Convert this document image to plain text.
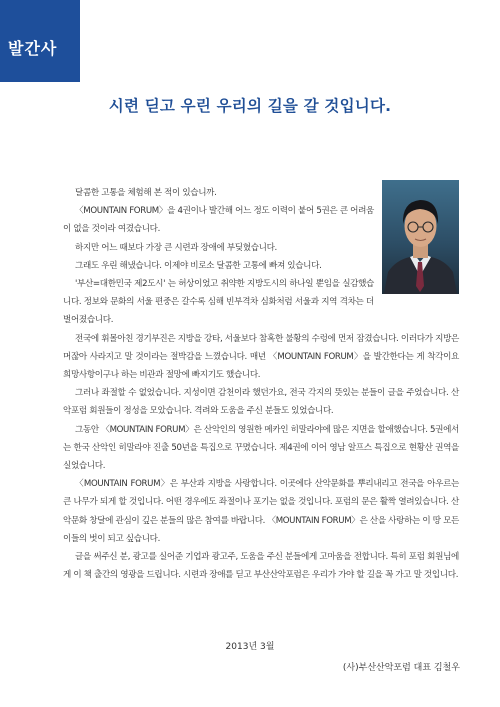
발간사
시련 딛고 우린 우리의 길을 갈 것입니다.

달콤한 고통을 체험해 본 적이 있습니까.

〈MOUNTAIN FORUM〉을 4권이나 발간해 어느 정도 이력이 붙어 5권은 큰 어려움이 없을 것이라 여겼습니다.

하지만 어느 때보다 가장 큰 시련과 장애에 부딪혔습니다.

그래도 우린 해냈습니다. 이제야 비로소 달콤한 고통에 빠져 있습니다.

'부산=대한민국 제2도시' 는 허상이었고 취약한 지방도시의 하나일 뿐임을 실감했습니다. 정보와 문화의 서울 편중은 갈수록 심해 빈부격차 심화처럼 서울과 지역 격차는 더 벌어졌습니다.

전국에 휘몰아친 경기부진은 지방을 강타, 서울보다 참혹한 불황의 수렁에 먼저 잠겼습니다. 이러다가 지방은 머잖아 사라지고 말 것이라는 절박감을 느꼈습니다. 매년 〈MOUNTAIN FORUM〉을 발간한다는 게 착각이요 희망사항이구나 하는 비관과 절망에 빠지기도 했습니다.

그러나 좌절할 수 없었습니다. 지성이면 감천이라 했던가요, 전국 각지의 뜻있는 분들이 글을 주었습니다. 산악포럼 회원들이 정성을 모았습니다. 격려와 도움을 주신 분들도 있었습니다.

그동안 〈MOUNTAIN FORUM〉은 산악인의 영원한 메카인 히말라야에 많은 지면을 할애했습니다. 5권에서는 한국 산악인 히말라야 진출 50년을 특집으로 꾸몄습니다. 제4권에 이어 영남 알프스 특집으로 현황산 권역을 실었습니다.

〈MOUNTAIN FORUM〉은 부산과 지방을 사랑합니다. 이곳에다 산악문화를 뿌리내리고 전국을 아우르는 큰 나무가 되게 할 것입니다. 어떤 경우에도 좌절이나 포기는 없을 것입니다. 포럼의 문은 활짝 열려있습니다. 산악문화 창달에 관심이 깊은 분들의 많은 참여를 바랍니다. 〈MOUNTAIN FORUM〉은 산을 사랑하는 이 땅 모든 이들의 벗이 되고 싶습니다.

글을 써주신 분, 광고를 실어준 기업과 광고주, 도움을 주신 분들에게 고마움을 전합니다. 특히 포럼 회원님에게 이 책 출간의 영광을 드립니다. 시련과 장애를 딛고 부산산악포럼은 우리가 가야 할 길을 꼭 가고 말 것입니다.

2013년 3월
(사)부산산악포럼 대표 김철우
